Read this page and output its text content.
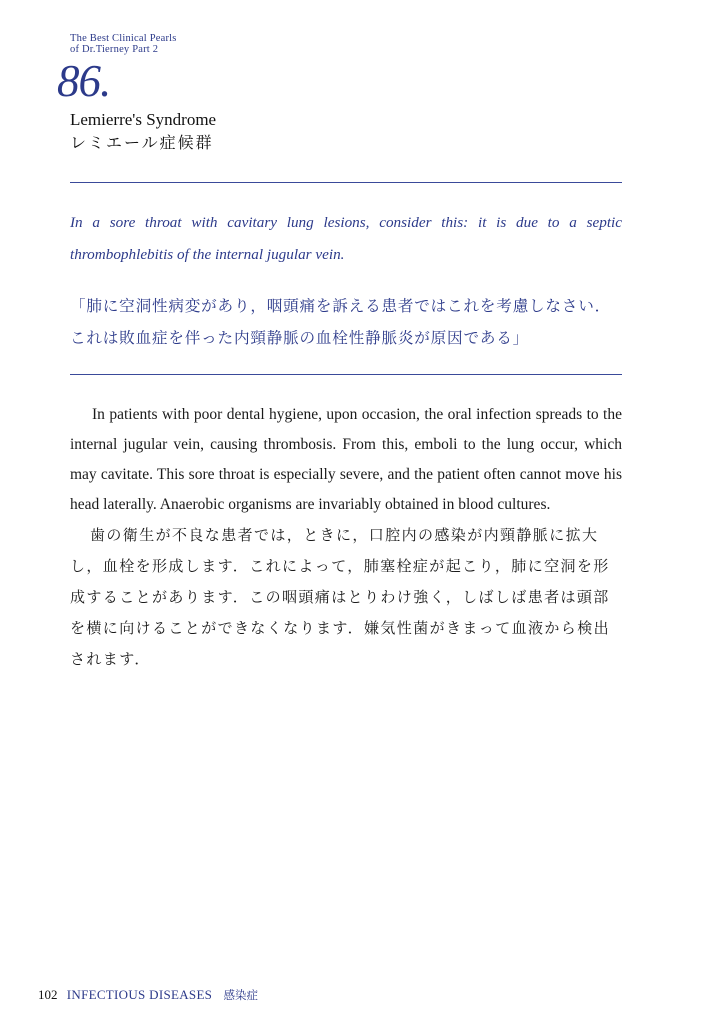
The Best Clinical Pearls
of Dr.Tierney Part 2
86.
Lemierre's Syndrome
レミエール症候群
In a sore throat with cavitary lung lesions, consider this: it is due to a septic thrombophlebitis of the internal jugular vein.
「肺に空洞性病変があり，咽頭痛を訴える患者ではこれを考慮しなさい．これは敗血症を伴った内頸静脈の血栓性静脈炎が原因である」
In patients with poor dental hygiene, upon occasion, the oral infection spreads to the internal jugular vein, causing thrombosis. From this, emboli to the lung occur, which may cavitate. This sore throat is especially severe, and the patient often cannot move his head laterally. Anaerobic organisms are invariably obtained in blood cultures.
歯の衛生が不良な患者では，ときに，口腔内の感染が内頸静脈に拡大し，血栓を形成します．これによって，肺塞栓症が起こり，肺に空洞を形成することがあります．この咽頭痛はとりわけ強く，しばしば患者は頭部を横に向けることができなくなります．嫌気性菌がきまって血液から検出されます．
102 INFECTIOUS DISEASES 感染症
